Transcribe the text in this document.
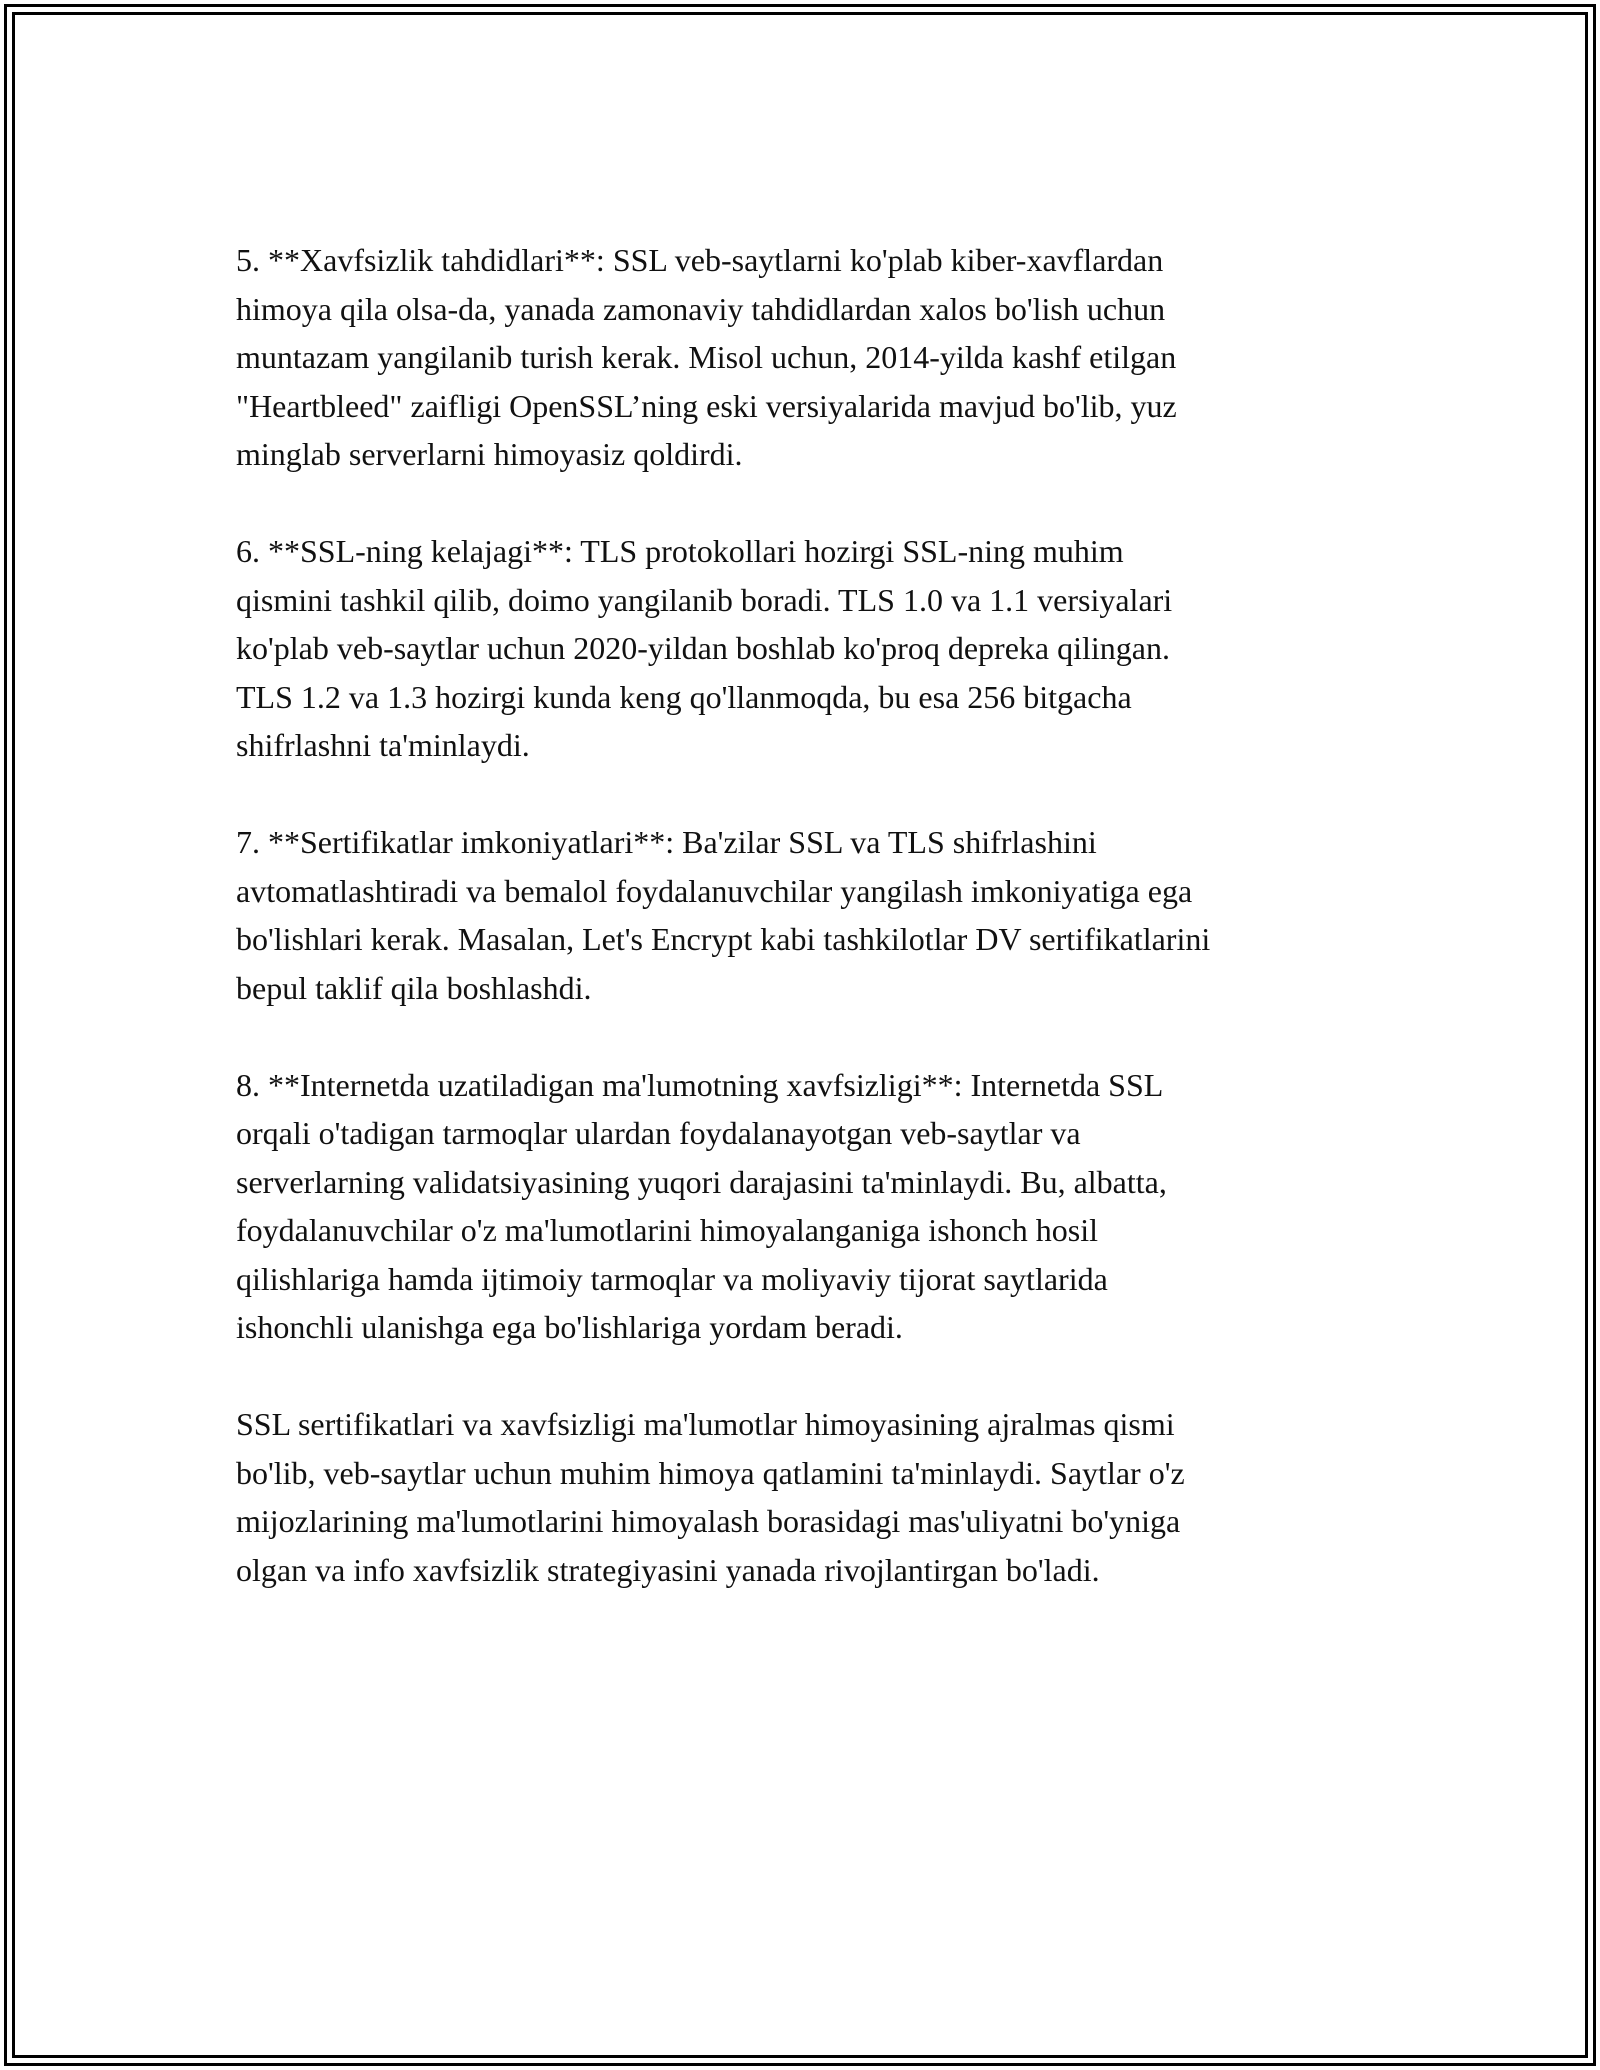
5. **Xavfsizlik tahdidlari**: SSL veb-saytlarni ko'plab kiber-xavflardan
himoya qila olsa-da, yanada zamonaviy tahdidlardan xalos bo'lish uchun
muntazam yangilanib turish kerak. Misol uchun, 2014-yilda kashf etilgan
"Heartbleed" zaifligi OpenSSL’ning eski versiyalarida mavjud bo'lib, yuz
minglab serverlarni himoyasiz qoldirdi.

6. **SSL-ning kelajagi**: TLS protokollari hozirgi SSL-ning muhim
qismini tashkil qilib, doimo yangilanib boradi. TLS 1.0 va 1.1 versiyalari
ko'plab veb-saytlar uchun 2020-yildan boshlab ko'proq depreka qilingan.
TLS 1.2 va 1.3 hozirgi kunda keng qo'llanmoqda, bu esa 256 bitgacha
shifrlashni ta'minlaydi.

7. **Sertifikatlar imkoniyatlari**: Ba'zilar SSL va TLS shifrlashini
avtomatlashtiradi va bemalol foydalanuvchilar yangilash imkoniyatiga ega
bo'lishlari kerak. Masalan, Let's Encrypt kabi tashkilotlar DV sertifikatlarini
bepul taklif qila boshlashdi.

8. **Internetda uzatiladigan ma'lumotning xavfsizligi**: Internetda SSL
orqali o'tadigan tarmoqlar ulardan foydalanayotgan veb-saytlar va
serverlarning validatsiyasining yuqori darajasini ta'minlaydi. Bu, albatta,
foydalanuvchilar o'z ma'lumotlarini himoyalanganiga ishonch hosil
qilishlariga hamda ijtimoiy tarmoqlar va moliyaviy tijorat saytlarida
ishonchli ulanishga ega bo'lishlariga yordam beradi.

SSL sertifikatlari va xavfsizligi ma'lumotlar himoyasining ajralmas qismi
bo'lib, veb-saytlar uchun muhim himoya qatlamini ta'minlaydi. Saytlar o'z
mijozlarining ma'lumotlarini himoyalash borasidagi mas'uliyatni bo'yniga
olgan va info xavfsizlik strategiyasini yanada rivojlantirgan bo'ladi.
